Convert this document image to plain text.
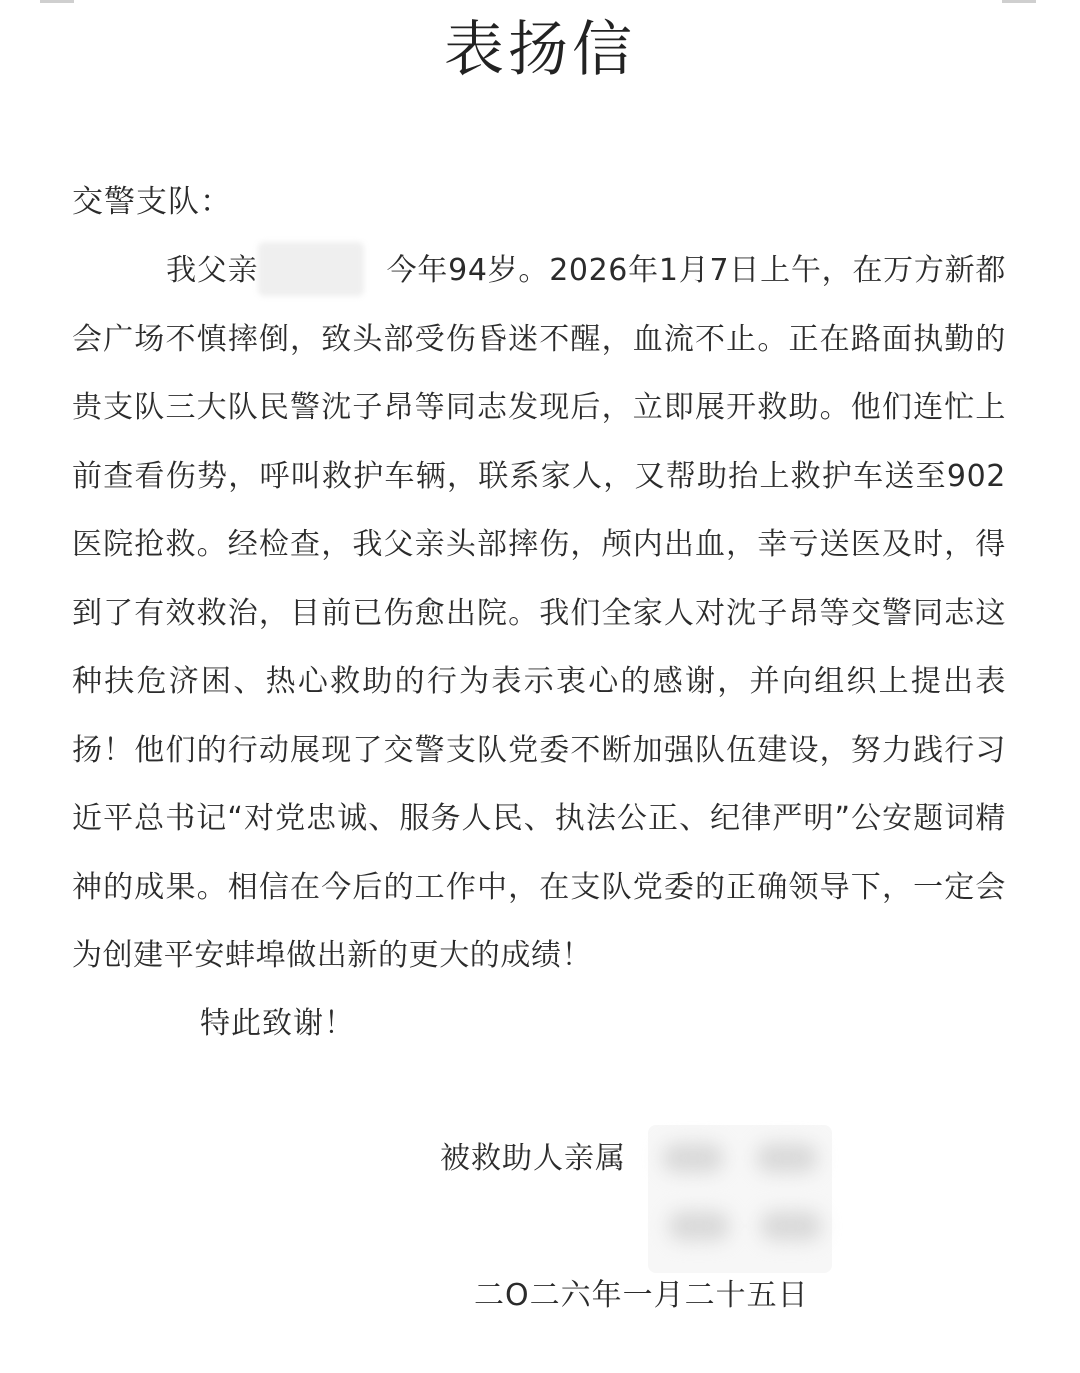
表扬信
交警支队：

我父亲	今年94岁。2026年1月7日上午，在万方新都会广场不慎摔倒，致头部受伤昏迷不醒，血流不止。正在路面执勤的贵支队三大队民警沈子昂等同志发现后，立即展开救助。他们连忙上前查看伤势，呼叫救护车辆，联系家人，又帮助抬上救护车送至902医院抢救。经检查，我父亲头部摔伤，颅内出血，幸亏送医及时，得到了有效救治，目前已伤愈出院。我们全家人对沈子昂等交警同志这种扶危济困、热心救助的行为表示衷心的感谢，并向组织上提出表扬！他们的行动展现了交警支队党委不断加强队伍建设，努力践行习近平总书记“对党忠诚、服务人民、执法公正、纪律严明”公安题词精神的成果。相信在今后的工作中，在支队党委的正确领导下，一定会为创建平安蚌埠做出新的更大的成绩！

特此致谢！
被救助人亲属
二O二六年一月二十五日
